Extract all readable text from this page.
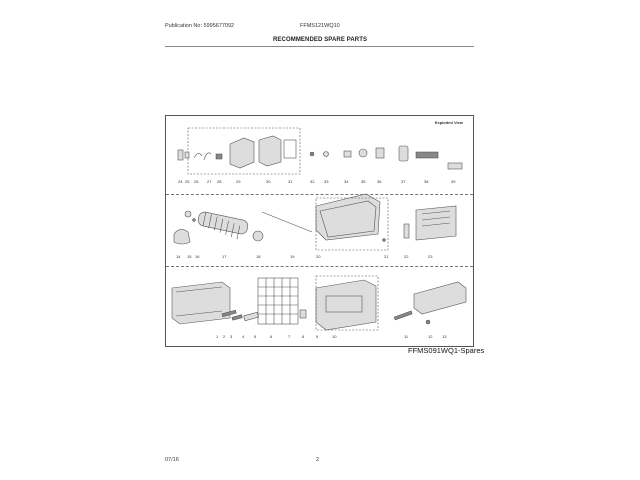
Publication No: 5995677092	FFMS121WQ10
RECOMMENDED SPARE PARTS
Exploded View
24 25 26 27 28	29	30	31	32 33	34	35	36	37	38	39
14 15 16	17	18	19	20	21	22	23
1 2 3 4 5	6	7	8	9	10	11	12 13
FFMS091WQ1-Spares
07/16	2
